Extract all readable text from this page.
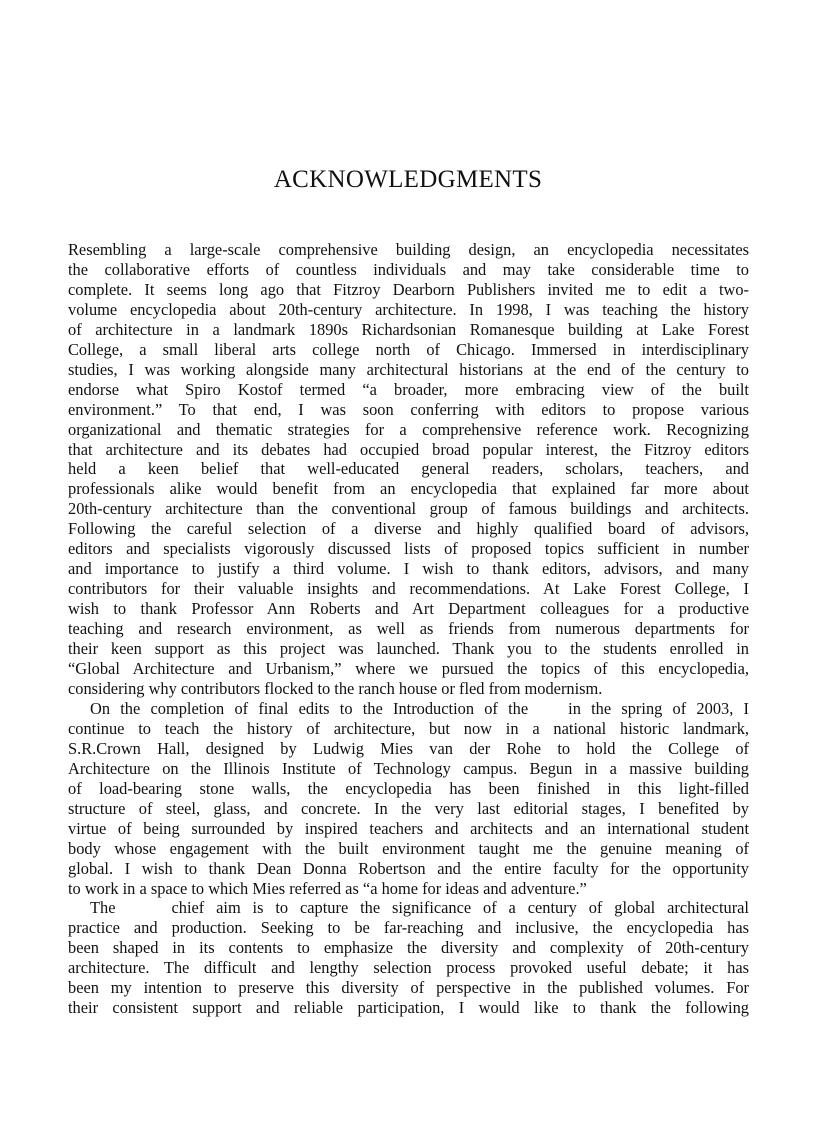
ACKNOWLEDGMENTS

Resembling a large-scale comprehensive building design, an encyclopedia necessitates
the collaborative efforts of countless individuals and may take considerable time to
complete. It seems long ago that Fitzroy Dearborn Publishers invited me to edit a two-
volume encyclopedia about 20th-century architecture. In 1998, I was teaching the history
of architecture in a landmark 1890s Richardsonian Romanesque building at Lake Forest
College, a small liberal arts college north of Chicago. Immersed in interdisciplinary
studies, I was working alongside many architectural historians at the end of the century to
endorse what Spiro Kostof termed “a broader, more embracing view of the built
environment.” To that end, I was soon conferring with editors to propose various
organizational and thematic strategies for a comprehensive reference work. Recognizing
that architecture and its debates had occupied broad popular interest, the Fitzroy editors
held a keen belief that well-educated general readers, scholars, teachers, and
professionals alike would benefit from an encyclopedia that explained far more about
20th-century architecture than the conventional group of famous buildings and architects.
Following the careful selection of a diverse and highly qualified board of advisors,
editors and specialists vigorously discussed lists of proposed topics sufficient in number
and importance to justify a third volume. I wish to thank editors, advisors, and many
contributors for their valuable insights and recommendations. At Lake Forest College, I
wish to thank Professor Ann Roberts and Art Department colleagues for a productive
teaching and research environment, as well as friends from numerous departments for
their keen support as this project was launched. Thank you to the students enrolled in
“Global Architecture and Urbanism,” where we pursued the topics of this encyclopedia,
considering why contributors flocked to the ranch house or fled from modernism.

On the completion of final edits to the Introduction of the in the spring of 2003, I
continue to teach the history of architecture, but now in a national historic landmark,
S.R.Crown Hall, designed by Ludwig Mies van der Rohe to hold the College of
Architecture on the Illinois Institute of Technology campus. Begun in a massive building
of load-bearing stone walls, the encyclopedia has been finished in this light-filled
structure of steel, glass, and concrete. In the very last editorial stages, I benefited by
virtue of being surrounded by inspired teachers and architects and an international student
body whose engagement with the built environment taught me the genuine meaning of
global. I wish to thank Dean Donna Robertson and the entire faculty for the opportunity
to work in a space to which Mies referred as “a home for ideas and adventure.”

The	chief aim is to capture the significance of a century of global architectural
practice and production. Seeking to be far-reaching and inclusive, the encyclopedia has
been shaped in its contents to emphasize the diversity and complexity of 20th-century
architecture. The difficult and lengthy selection process provoked useful debate; it has
been my intention to preserve this diversity of perspective in the published volumes. For
their consistent support and reliable participation, I would like to thank the following
